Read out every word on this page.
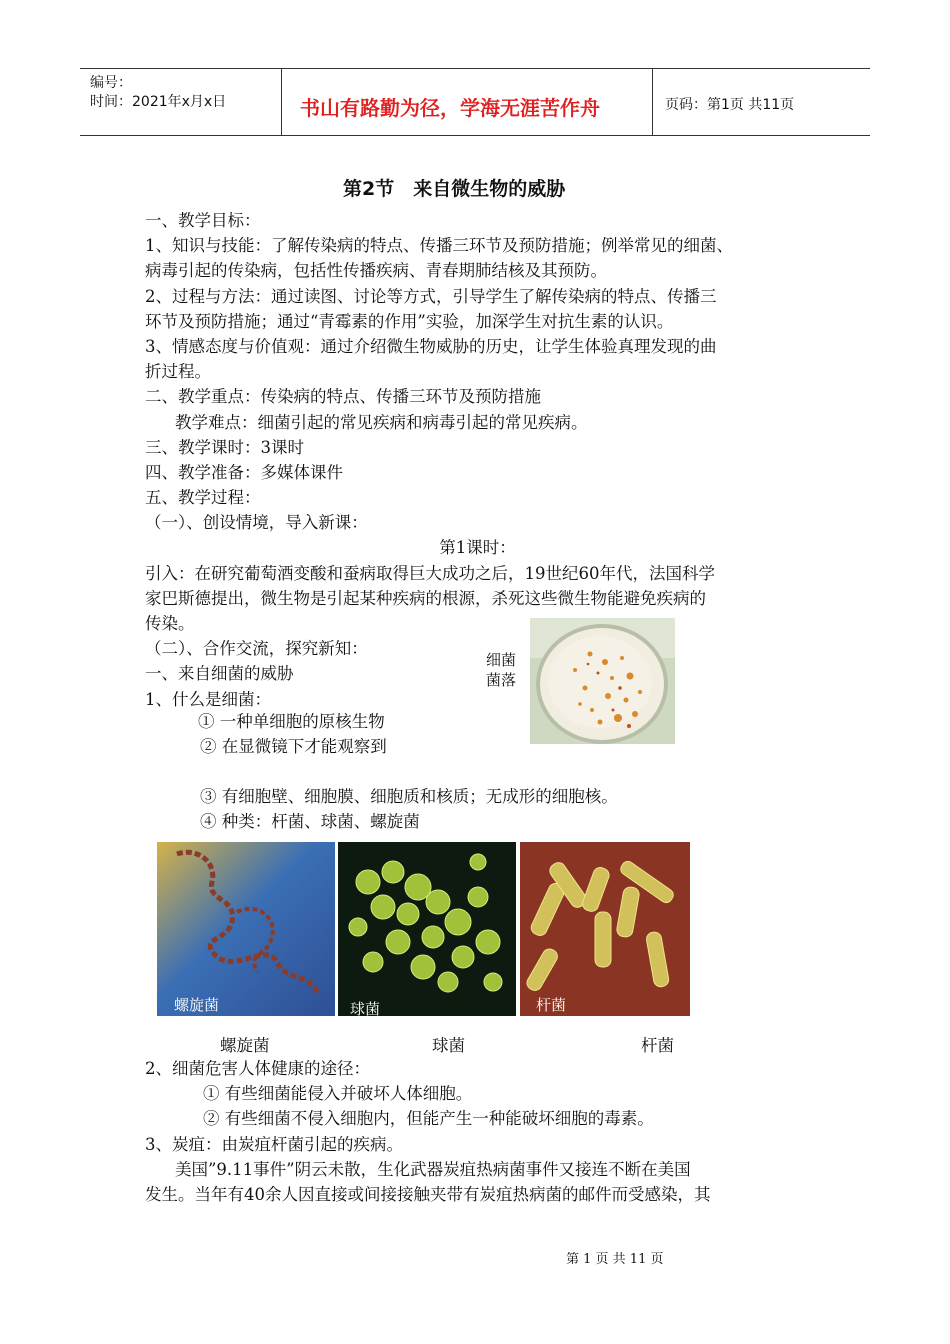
编号：
时间：2021年x月x日	书山有路勤为径，学海无涯苦作舟	页码：第1页 共11页
第2节　来自微生物的威胁
一、教学目标：
1、知识与技能：了解传染病的特点、传播三环节及预防措施；例举常见的细菌、
病毒引起的传染病，包括性传播疾病、青春期肺结核及其预防。
2、过程与方法：通过读图、讨论等方式，引导学生了解传染病的特点、传播三
环节及预防措施；通过“青霉素的作用”实验，加深学生对抗生素的认识。
3、情感态度与价值观：通过介绍微生物威胁的历史，让学生体验真理发现的曲
折过程。
二、教学重点：传染病的特点、传播三环节及预防措施
教学难点：细菌引起的常见疾病和病毒引起的常见疾病。
三、教学课时：3课时
四、教学准备：多媒体课件
五、教学过程：
（一）、创设情境，导入新课：
第1课时：
引入：在研究葡萄酒变酸和蚕病取得巨大成功之后，19世纪60年代，法国科学
家巴斯德提出，微生物是引起某种疾病的根源，杀死这些微生物能避免疾病的
传染。
（二）、合作交流，探究新知：
一、来自细菌的威胁
1、什么是细菌：
① 一种单细胞的原核生物
② 在显微镜下才能观察到
③ 有细胞壁、细胞膜、细胞质和核质；无成形的细胞核。
④ 种类：杆菌、球菌、螺旋菌
细菌
菌落
螺旋菌	球菌	杆菌
螺旋菌	球菌	杆菌
2、细菌危害人体健康的途径：
① 有些细菌能侵入并破坏人体细胞。
② 有些细菌不侵入细胞内，但能产生一种能破坏细胞的毒素。
3、炭疽：由炭疽杆菌引起的疾病。
美国”9.11事件”阴云未散，生化武器炭疽热病菌事件又接连不断在美国
发生。当年有40余人因直接或间接接触夹带有炭疽热病菌的邮件而受感染，其
第 1 页 共 11 页
